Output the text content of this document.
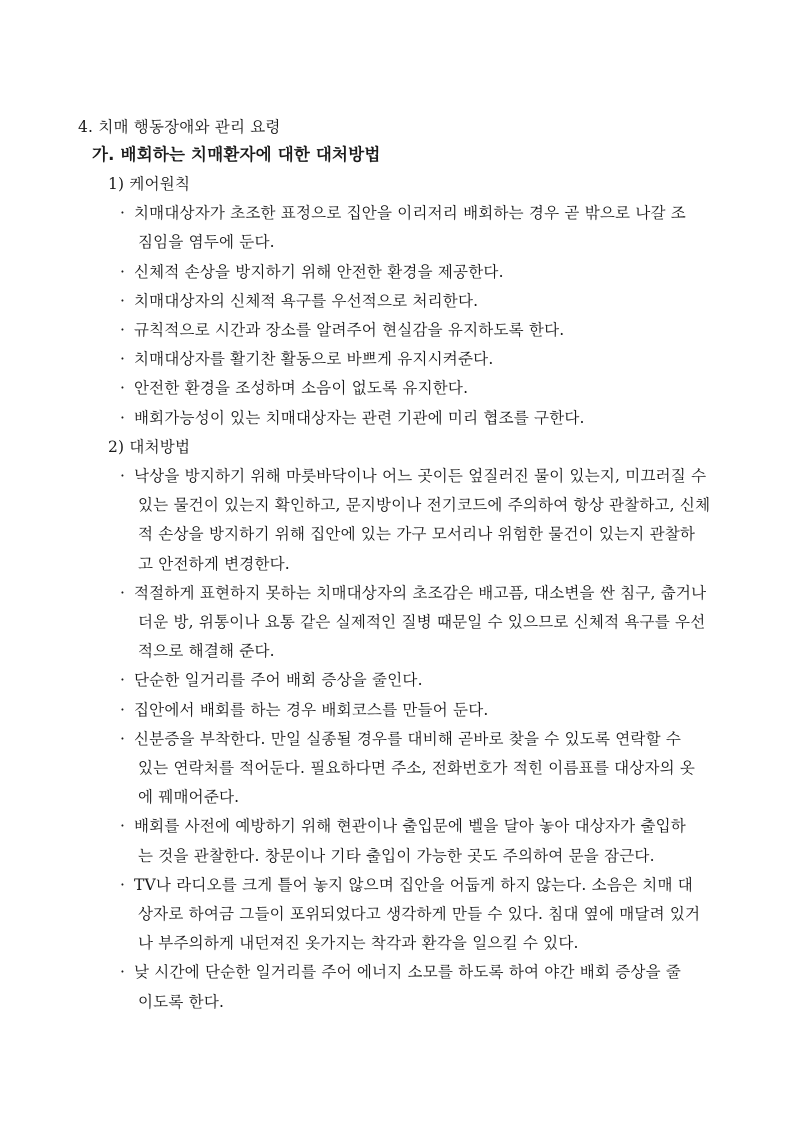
4. 치매 행동장애와 관리 요령
가. 배회하는 치매환자에 대한 대처방법
1) 케어원칙
· 치매대상자가 초조한 표정으로 집안을 이리저리 배회하는 경우 곧 밖으로 나갈 조
짐임을 염두에 둔다.
· 신체적 손상을 방지하기 위해 안전한 환경을 제공한다.
· 치매대상자의 신체적 욕구를 우선적으로 처리한다.
· 규칙적으로 시간과 장소를 알려주어 현실감을 유지하도록 한다.
· 치매대상자를 활기찬 활동으로 바쁘게 유지시켜준다.
· 안전한 환경을 조성하며 소음이 없도록 유지한다.
· 배회가능성이 있는 치매대상자는 관련 기관에 미리 협조를 구한다.
2) 대처방법
· 낙상을 방지하기 위해 마룻바닥이나 어느 곳이든 엎질러진 물이 있는지, 미끄러질 수
있는 물건이 있는지 확인하고, 문지방이나 전기코드에 주의하여 항상 관찰하고, 신체
적 손상을 방지하기 위해 집안에 있는 가구 모서리나 위험한 물건이 있는지 관찰하
고 안전하게 변경한다.
· 적절하게 표현하지 못하는 치매대상자의 초조감은 배고픔, 대소변을 싼 침구, 춥거나
더운 방, 위통이나 요통 같은 실제적인 질병 때문일 수 있으므로 신체적 욕구를 우선
적으로 해결해 준다.
· 단순한 일거리를 주어 배회 증상을 줄인다.
· 집안에서 배회를 하는 경우 배회코스를 만들어 둔다.
· 신분증을 부착한다. 만일 실종될 경우를 대비해 곧바로 찾을 수 있도록 연락할 수
있는 연락처를 적어둔다. 필요하다면 주소, 전화번호가 적힌 이름표를 대상자의 옷
에 꿰매어준다.
· 배회를 사전에 예방하기 위해 현관이나 출입문에 벨을 달아 놓아 대상자가 출입하
는 것을 관찰한다. 창문이나 기타 출입이 가능한 곳도 주의하여 문을 잠근다.
· TV나 라디오를 크게 틀어 놓지 않으며 집안을 어둡게 하지 않는다. 소음은 치매 대
상자로 하여금 그들이 포위되었다고 생각하게 만들 수 있다. 침대 옆에 매달려 있거
나 부주의하게 내던져진 옷가지는 착각과 환각을 일으킬 수 있다.
· 낮 시간에 단순한 일거리를 주어 에너지 소모를 하도록 하여 야간 배회 증상을 줄
이도록 한다.
